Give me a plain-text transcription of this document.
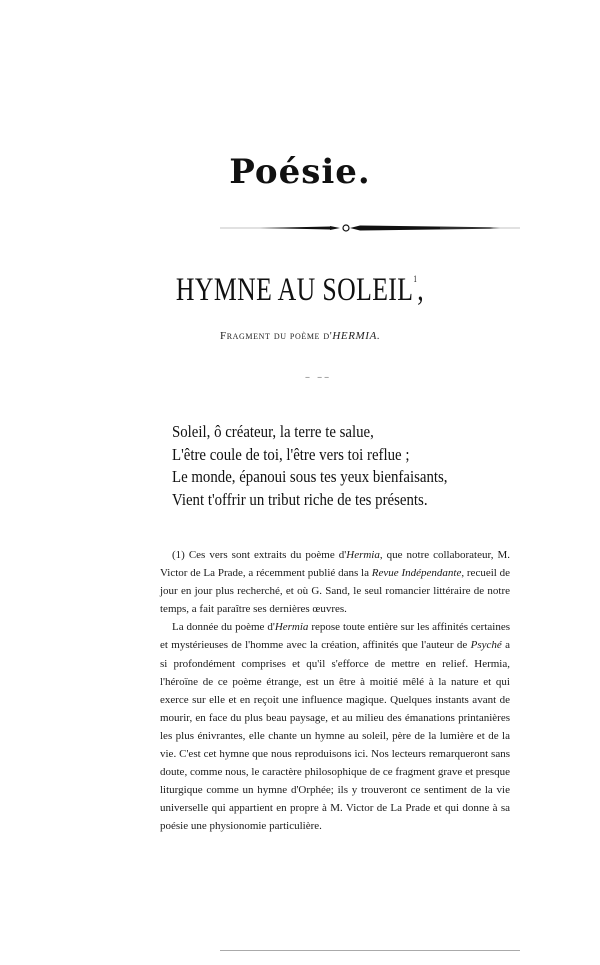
Poésie.
HYMNE AU SOLEIL$^1$,
Fragment du poème d'HERMIA.
– ––
Soleil, ô créateur, la terre te salue,
L'être coule de toi, l'être vers toi reflue ;
Le monde, épanoui sous tes yeux bienfaisants,
Vient t'offrir un tribut riche de tes présents.

(1) Ces vers sont extraits du poème d'Hermia, que notre collaborateur, M. Victor de La Prade, a récemment publié dans la Revue Indépendante, recueil de jour en jour plus recherché, et où G. Sand, le seul romancier littéraire de notre temps, a fait paraître ses dernières œuvres.

La donnée du poème d'Hermia repose toute entière sur les affinités certaines et mystérieuses de l'homme avec la création, affinités que l'auteur de Psyché a si profondément comprises et qu'il s'efforce de mettre en relief. Hermia, l'héroïne de ce poème étrange, est un être à moitié mêlé à la nature et qui exerce sur elle et en reçoit une influence magique. Quelques instants avant de mourir, en face du plus beau paysage, et au milieu des émanations printanières les plus énivrantes, elle chante un hymne au soleil, père de la lumière et de la vie. C'est cet hymne que nous reproduisons ici. Nos lecteurs remarqueront sans doute, comme nous, le caractère philosophique de ce fragment grave et presque liturgique comme un hymne d'Orphée; ils y trouveront ce sentiment de la vie universelle qui appartient en propre à M. Victor de La Prade et qui donne à sa poésie une physionomie particulière.
